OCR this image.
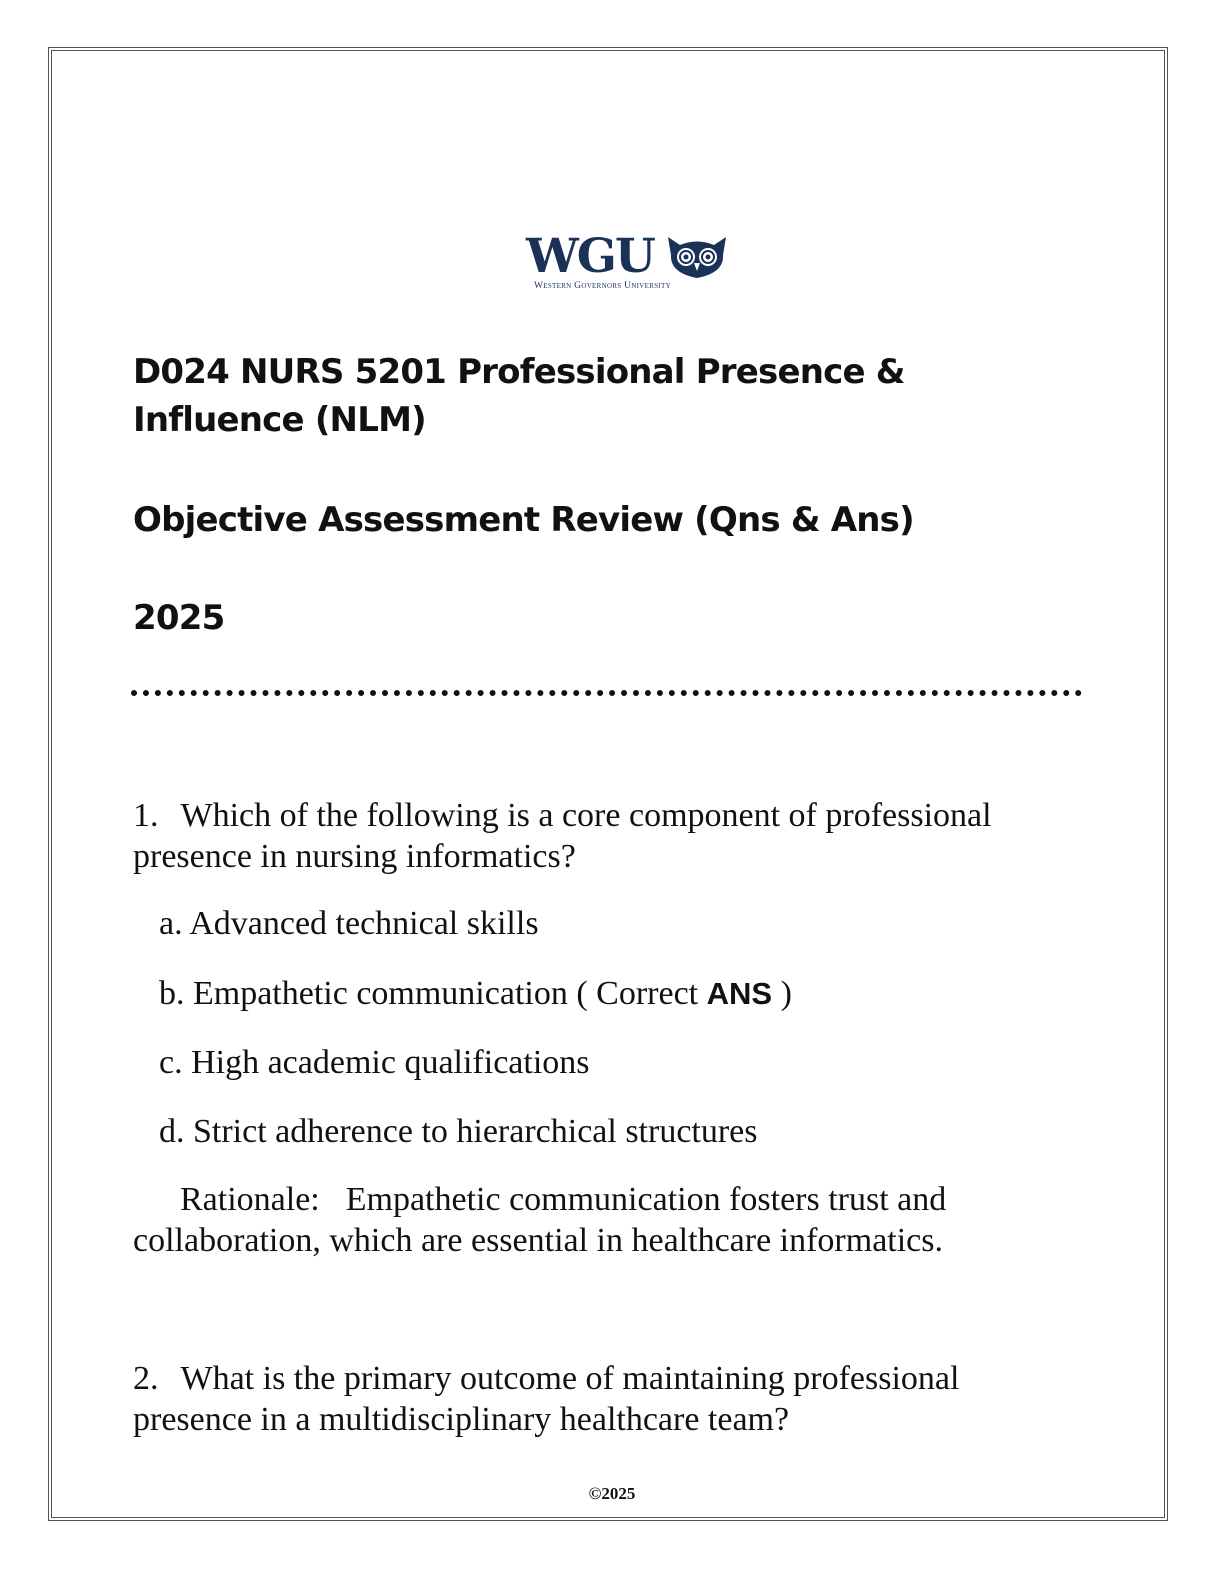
WGU
Western Governors University
D024 NURS 5201 Professional Presence &
Influence (NLM)
Objective Assessment Review (Qns & Ans)
2025
1. Which of the following is a core component of professional
presence in nursing informatics?
a. Advanced technical skills
b. Empathetic communication ( Correct ANS )
c. High academic qualifications
d. Strict adherence to hierarchical structures
Rationale: Empathetic communication fosters trust and
collaboration, which are essential in healthcare informatics.
2. What is the primary outcome of maintaining professional
presence in a multidisciplinary healthcare team?
©2025
